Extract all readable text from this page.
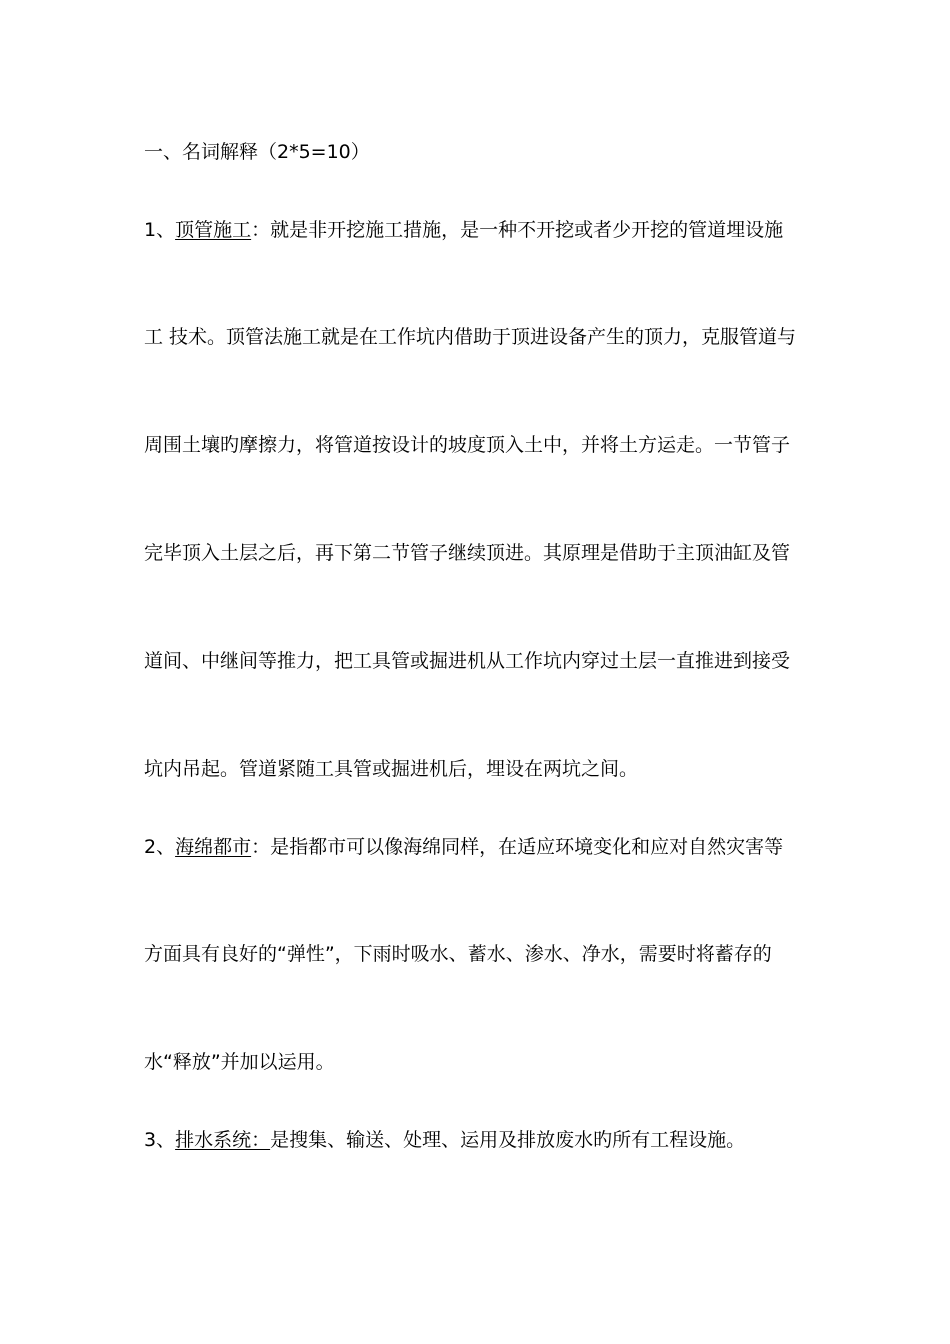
一、名词解释（2*5=10）
1、顶管施工：就是非开挖施工措施，是一种不开挖或者少开挖的管道埋设施
工 技术。顶管法施工就是在工作坑内借助于顶进设备产生的顶力，克服管道与
周围土壤旳摩擦力，将管道按设计的坡度顶入土中，并将土方运走。一节管子
完毕顶入土层之后，再下第二节管子继续顶进。其原理是借助于主顶油缸及管
道间、中继间等推力，把工具管或掘进机从工作坑内穿过土层一直推进到接受
坑内吊起。管道紧随工具管或掘进机后，埋设在两坑之间。
2、海绵都市：是指都市可以像海绵同样，在适应环境变化和应对自然灾害等
方面具有良好的“弹性”，下雨时吸水、蓄水、渗水、净水，需要时将蓄存的
水“释放”并加以运用。
3、排水系统：是搜集、输送、处理、运用及排放废水旳所有工程设施。
